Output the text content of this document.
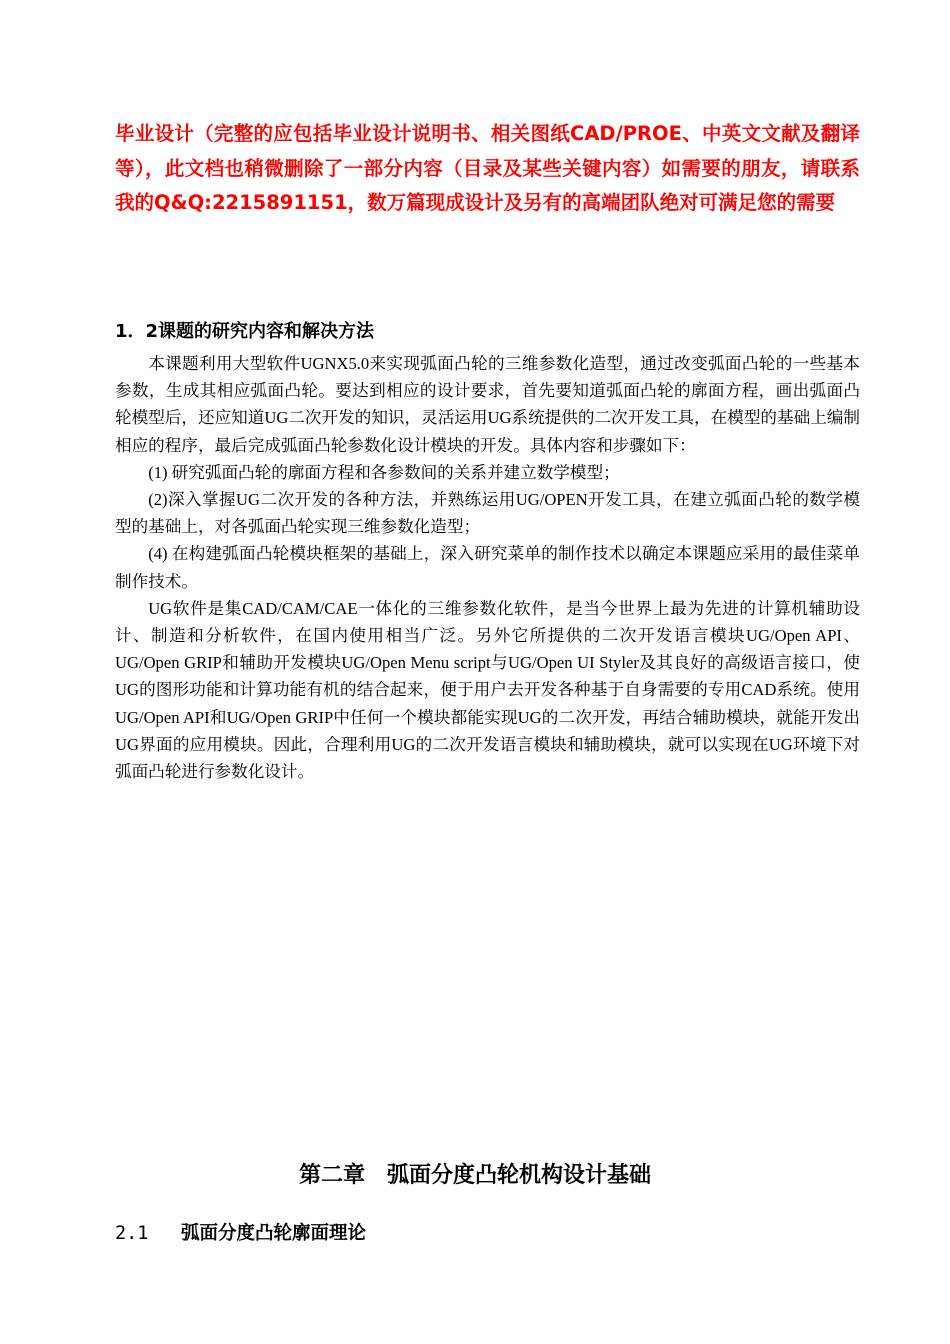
毕业设计（完整的应包括毕业设计说明书、相关图纸CAD/PROE、中英文文献及翻译等），此文档也稍微删除了一部分内容（目录及某些关键内容）如需要的朋友，请联系我的Q&Q:2215891151，数万篇现成设计及另有的高端团队绝对可满足您的需要
1．2课题的研究内容和解决方法

本课题利用大型软件UGNX5.0来实现弧面凸轮的三维参数化造型，通过改变弧面凸轮的一些基本参数，生成其相应弧面凸轮。要达到相应的设计要求，首先要知道弧面凸轮的廓面方程，画出弧面凸轮模型后，还应知道UG二次开发的知识，灵活运用UG系统提供的二次开发工具，在模型的基础上编制相应的程序，最后完成弧面凸轮参数化设计模块的开发。具体内容和步骤如下：

(1) 研究弧面凸轮的廓面方程和各参数间的关系并建立数学模型；

(2)深入掌握UG二次开发的各种方法，并熟练运用UG/OPEN开发工具，在建立弧面凸轮的数学模型的基础上，对各弧面凸轮实现三维参数化造型；

(4) 在构建弧面凸轮模块框架的基础上，深入研究菜单的制作技术以确定本课题应采用的最佳菜单制作技术。

UG软件是集CAD/CAM/CAE一体化的三维参数化软件，是当今世界上最为先进的计算机辅助设计、制造和分析软件，在国内使用相当广泛。另外它所提供的二次开发语言模块UG/Open API、UG/Open GRIP和辅助开发模块UG/Open Menu script与UG/Open UI Styler及其良好的高级语言接口，使UG的图形功能和计算功能有机的结合起来，便于用户去开发各种基于自身需要的专用CAD系统。使用UG/Open API和UG/Open GRIP中任何一个模块都能实现UG的二次开发，再结合辅助模块，就能开发出UG界面的应用模块。因此，合理利用UG的二次开发语言模块和辅助模块，就可以实现在UG环境下对弧面凸轮进行参数化设计。

第二章　弧面分度凸轮机构设计基础
2.1 弧面分度凸轮廓面理论
